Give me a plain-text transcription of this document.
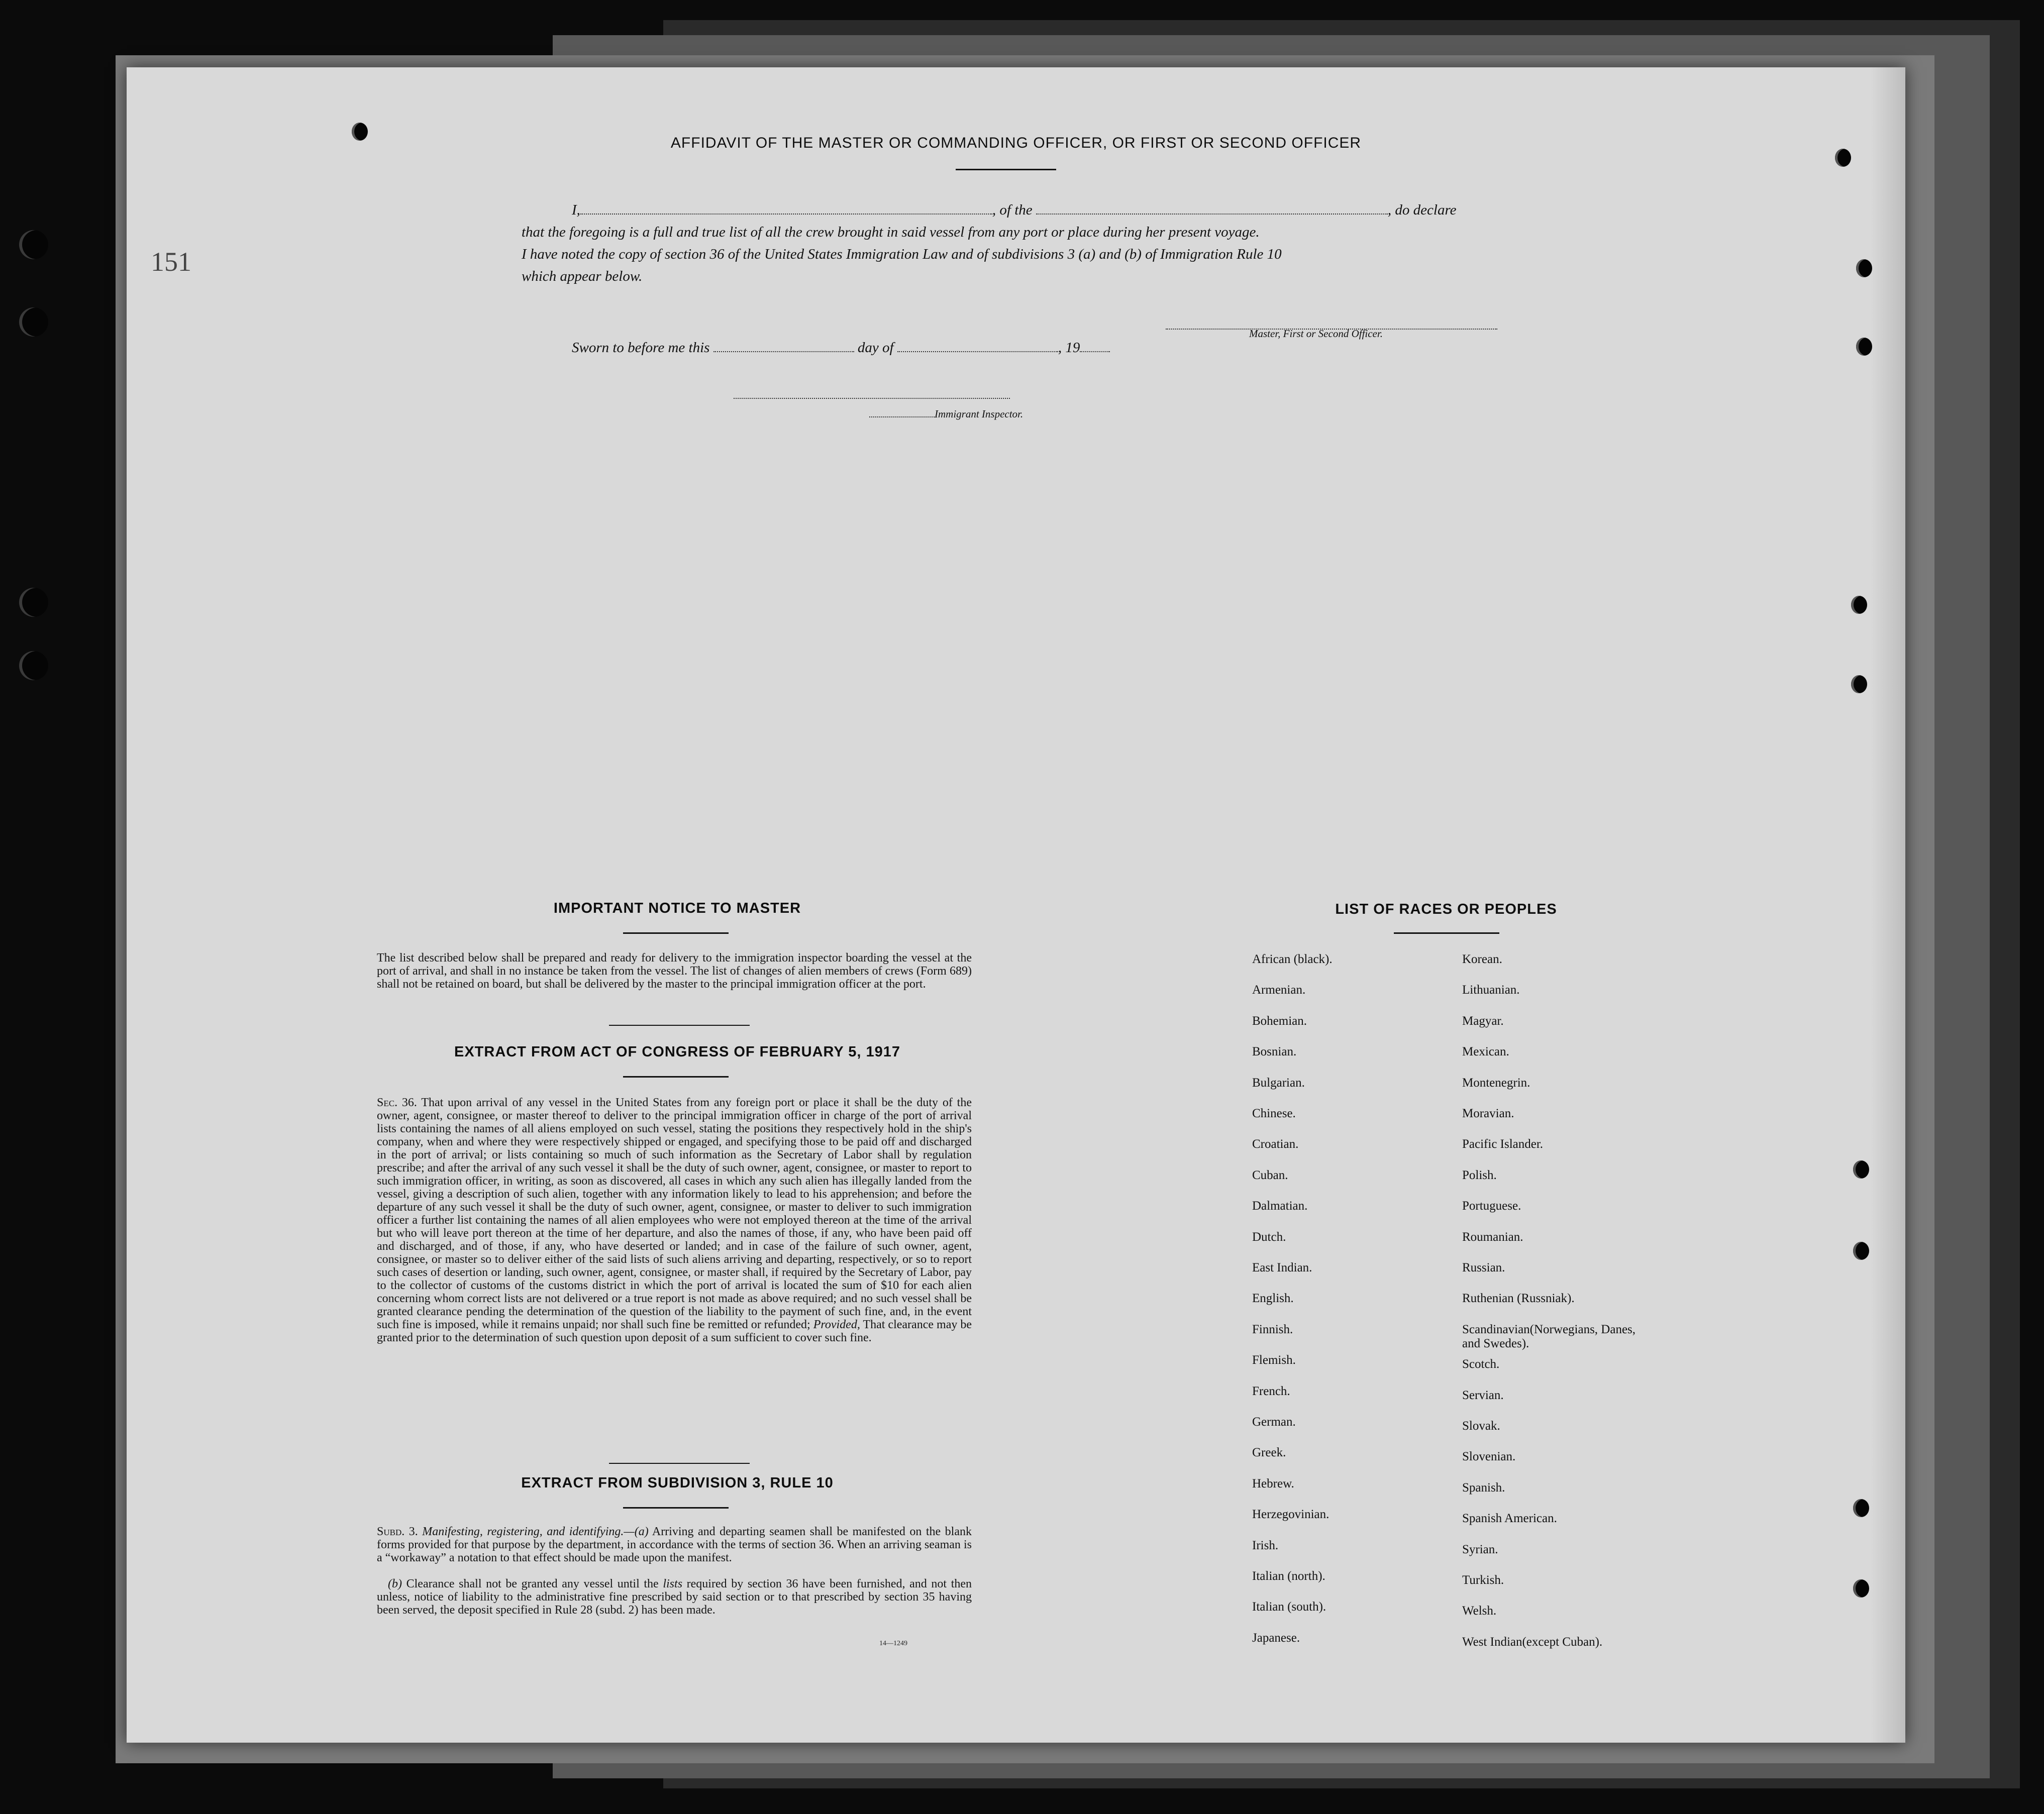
AFFIDAVIT OF THE MASTER OR COMMANDING OFFICER, OR FIRST OR SECOND OFFICER
I,	, of the	, do declare
that the foregoing is a full and true list of all the crew brought in said vessel from any port or place during her present voyage.
I have noted the copy of section 36 of the United States Immigration Law and of subdivisions 3 (a) and (b) of Immigration Rule 10
which appear below.
Master, First or Second Officer.
Sworn to before me this	day of	, 19
Immigrant Inspector.
IMPORTANT NOTICE TO MASTER
The list described below shall be prepared and ready for delivery to the immigration inspector boarding the vessel at the port of arrival, and shall in no instance be taken from the vessel. The list of changes of alien members of crews (Form 689) shall not be retained on board, but shall be delivered by the master to the principal immigration officer at the port.
EXTRACT FROM ACT OF CONGRESS OF FEBRUARY 5, 1917
Sec. 36. That upon arrival of any vessel in the United States from any foreign port or place it shall be the duty of the owner, agent, consignee, or master thereof to deliver to the principal immigration officer in charge of the port of arrival lists containing the names of all aliens employed on such vessel, stating the positions they respectively hold in the ship's company, when and where they were respectively shipped or engaged, and specifying those to be paid off and discharged in the port of arrival; or lists containing so much of such information as the Secretary of Labor shall by regulation prescribe; and after the arrival of any such vessel it shall be the duty of such owner, agent, consignee, or master to report to such immigration officer, in writing, as soon as discovered, all cases in which any such alien has illegally landed from the vessel, giving a description of such alien, together with any information likely to lead to his apprehension; and before the departure of any such vessel it shall be the duty of such owner, agent, consignee, or master to deliver to such immigration officer a further list containing the names of all alien employees who were not employed thereon at the time of the arrival but who will leave port thereon at the time of her departure, and also the names of those, if any, who have been paid off and discharged, and of those, if any, who have deserted or landed; and in case of the failure of such owner, agent, consignee, or master so to deliver either of the said lists of such aliens arriving and departing, respectively, or so to report such cases of desertion or landing, such owner, agent, consignee, or master shall, if required by the Secretary of Labor, pay to the collector of customs of the customs district in which the port of arrival is located the sum of $10 for each alien concerning whom correct lists are not delivered or a true report is not made as above required; and no such vessel shall be granted clearance pending the determination of the question of the liability to the payment of such fine, and, in the event such fine is imposed, while it remains unpaid; nor shall such fine be remitted or refunded; Provided, That clearance may be granted prior to the determination of such question upon deposit of a sum sufficient to cover such fine.
EXTRACT FROM SUBDIVISION 3, RULE 10
Subd. 3. Manifesting, registering, and identifying.—(a) Arriving and departing seamen shall be manifested on the blank forms provided for that purpose by the department, in accordance with the terms of section 36. When an arriving seaman is a “workaway” a notation to that effect should be made upon the manifest.
(b) Clearance shall not be granted any vessel until the lists required by section 36 have been furnished, and not then unless, notice of liability to the administrative fine prescribed by said section or to that prescribed by section 35 having been served, the deposit specified in Rule 28 (subd. 2) has been made.
14—1249
LIST OF RACES OR PEOPLES
African (black).
Armenian.
Bohemian.
Bosnian.
Bulgarian.
Chinese.
Croatian.
Cuban.
Dalmatian.
Dutch.
East Indian.
English.
Finnish.
Flemish.
French.
German.
Greek.
Hebrew.
Herzegovinian.
Irish.
Italian (north).
Italian (south).
Japanese.
Korean.
Lithuanian.
Magyar.
Mexican.
Montenegrin.
Moravian.
Pacific Islander.
Polish.
Portuguese.
Roumanian.
Russian.
Ruthenian (Russniak).
Scandinavian(Norwegians, Danes, and Swedes).
Scotch.
Servian.
Slovak.
Slovenian.
Spanish.
Spanish American.
Syrian.
Turkish.
Welsh.
West Indian(except Cuban).
1‌5‌1
